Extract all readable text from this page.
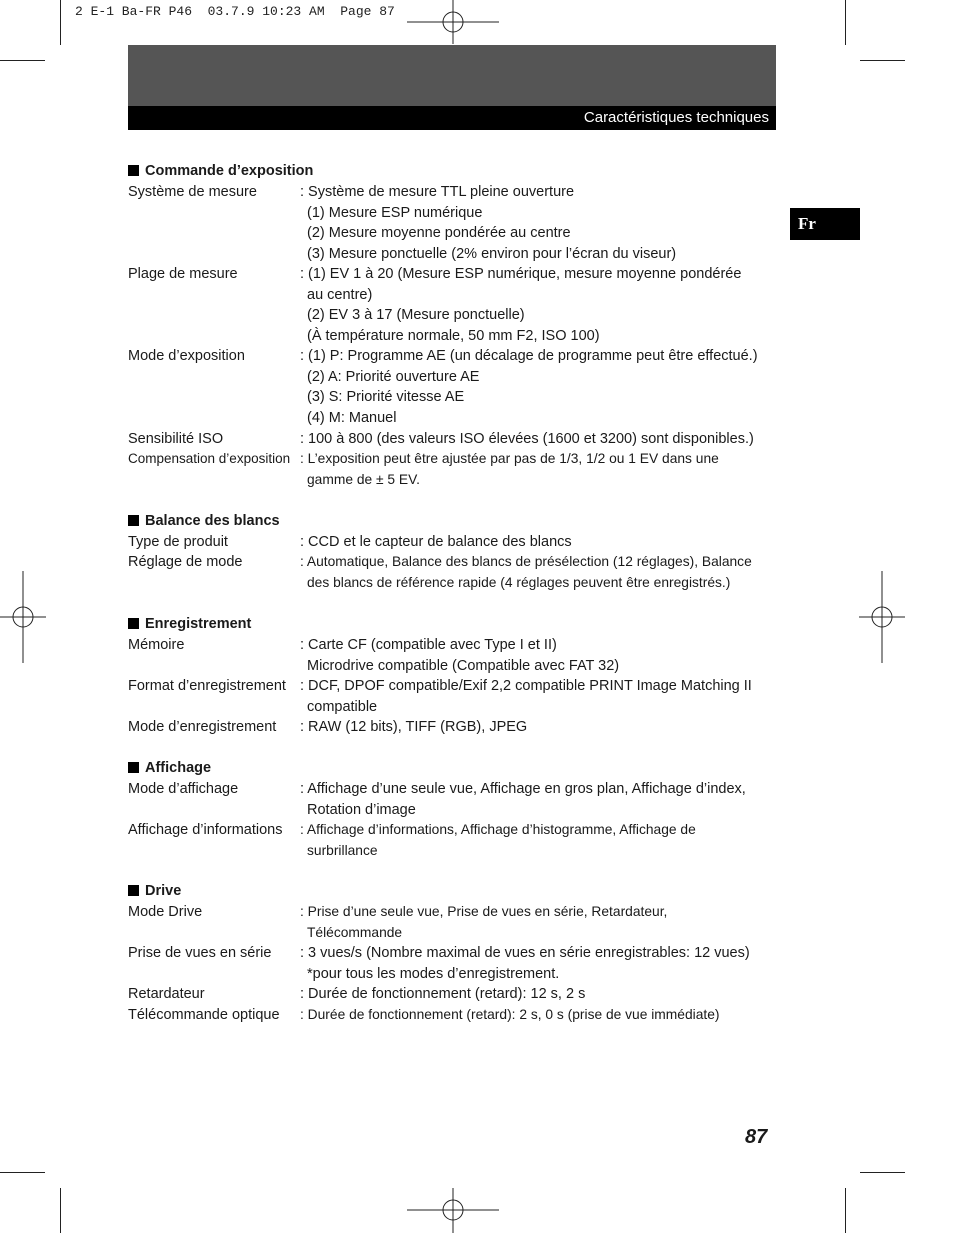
2 E-1 Ba-FR P46  03.7.9 10:23 AM  Page 87
Caractéristiques techniques
Fr
Commande d’exposition
Système de mesure	: Système de mesure TTL pleine ouverture
(1) Mesure ESP numérique
(2) Mesure moyenne pondérée au centre
(3) Mesure ponctuelle (2% environ pour l’écran du viseur)
Plage de mesure	: (1) EV 1 à 20 (Mesure ESP numérique, mesure moyenne pondérée
au centre)
(2) EV 3 à 17 (Mesure ponctuelle)
(À température normale, 50 mm F2, ISO 100)
Mode d’exposition	: (1) P: Programme AE (un décalage de programme peut être effectué.)
(2) A: Priorité ouverture AE
(3) S: Priorité vitesse AE
(4) M: Manuel
Sensibilité ISO	: 100 à 800 (des valeurs ISO élevées (1600 et 3200) sont disponibles.)
Compensation d’exposition : L’exposition peut être ajustée par pas de 1/3, 1/2 ou 1 EV dans une
gamme de ± 5 EV.
Balance des blancs
Type de produit	: CCD et le capteur de balance des blancs
Réglage de mode	: Automatique, Balance des blancs de présélection (12 réglages), Balance
des blancs de référence rapide (4 réglages peuvent être enregistrés.)
Enregistrement
Mémoire	: Carte CF (compatible avec Type I et II)
Microdrive compatible (Compatible avec FAT 32)
Format d’enregistrement : DCF, DPOF compatible/Exif 2,2 compatible PRINT Image Matching II
compatible
Mode d’enregistrement : RAW (12 bits), TIFF (RGB), JPEG
Affichage
Mode d’affichage	: Affichage d’une seule vue, Affichage en gros plan, Affichage d’index,
Rotation d’image
Affichage d’informations : Affichage d’informations, Affichage d’histogramme, Affichage de
surbrillance
Drive
Mode Drive	: Prise d’une seule vue, Prise de vues en série, Retardateur,
Télécommande
Prise de vues en série : 3 vues/s (Nombre maximal de vues en série enregistrables: 12 vues)
*pour tous les modes d’enregistrement.
Retardateur	: Durée de fonctionnement (retard): 12 s, 2 s
Télécommande optique : Durée de fonctionnement (retard): 2 s, 0 s (prise de vue immédiate)
87
